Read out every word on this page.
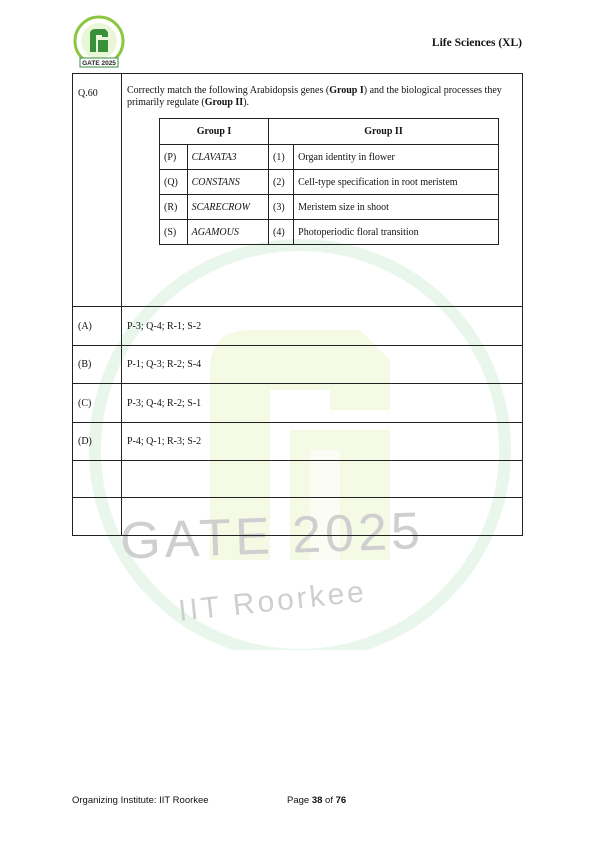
GATE 2025
IIT Roorkee
GATE 2025
Life Sciences (XL)
Q.60	Correctly match the following Arabidopsis genes (Group I) and the biological processes they primarily regulate (Group II).
Group I	Group II
(P)	CLAVATA3	(1)	Organ identity in flower
(Q)	CONSTANS	(2)	Cell-type specification in root meristem
(R)	SCARECROW	(3)	Meristem size in shoot
(S)	AGAMOUS	(4)	Photoperiodic floral transition

(A)	P-3; Q-4; R-1; S-2
(B)	P-1; Q-3; R-2; S-4
(C)	P-3; Q-4; R-2; S-1
(D)	P-4; Q-1; R-3; S-2

Organizing Institute: IIT Roorkee	Page 38 of 76
